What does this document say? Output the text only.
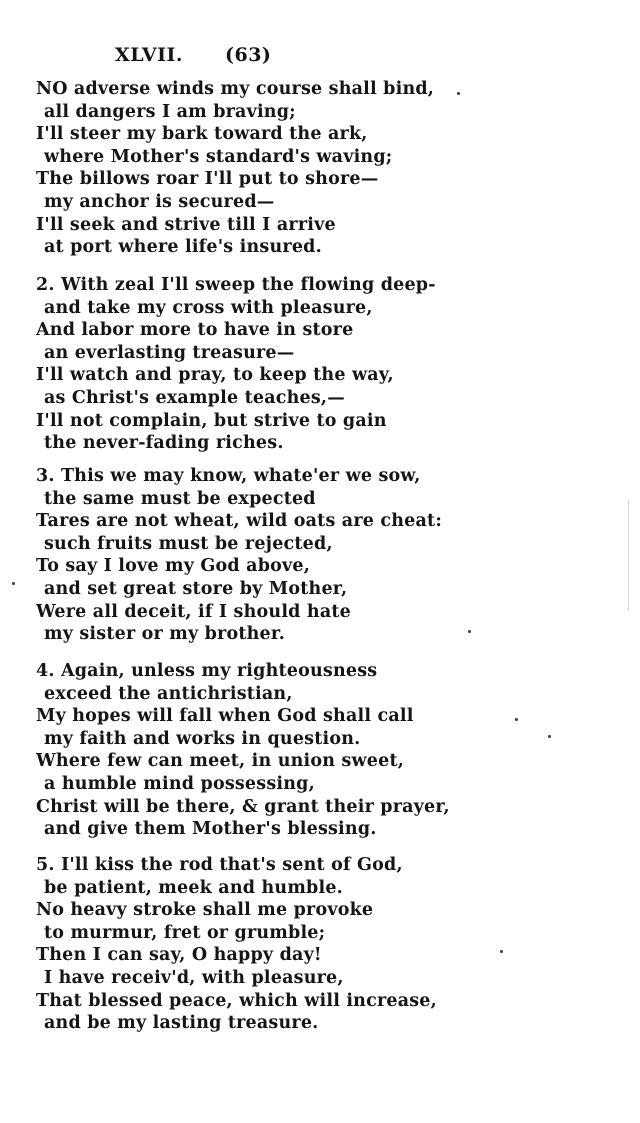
XLVII. (63)
NO adverse winds my course shall bind,
all dangers I am braving;
I'll steer my bark toward the ark,
where Mother's standard's waving;
The billows roar I'll put to shore—
my anchor is secured—
I'll seek and strive till I arrive
at port where life's insured.
2. With zeal I'll sweep the flowing deep-
and take my cross with pleasure,
And labor more to have in store
an everlasting treasure—
I'll watch and pray, to keep the way,
as Christ's example teaches,—
I'll not complain, but strive to gain
the never-fading riches.
3. This we may know, whate'er we sow,
the same must be expected
Tares are not wheat, wild oats are cheat:
such fruits must be rejected,
To say I love my God above,
and set great store by Mother,
Were all deceit, if I should hate
my sister or my brother.
4. Again, unless my righteousness
exceed the antichristian,
My hopes will fall when God shall call
my faith and works in question.
Where few can meet, in union sweet,
a humble mind possessing,
Christ will be there, & grant their prayer,
and give them Mother's blessing.
5. I'll kiss the rod that's sent of God,
be patient, meek and humble.
No heavy stroke shall me provoke
to murmur, fret or grumble;
Then I can say, O happy day!
I have receiv'd, with pleasure,
That blessed peace, which will increase,
and be my lasting treasure.
